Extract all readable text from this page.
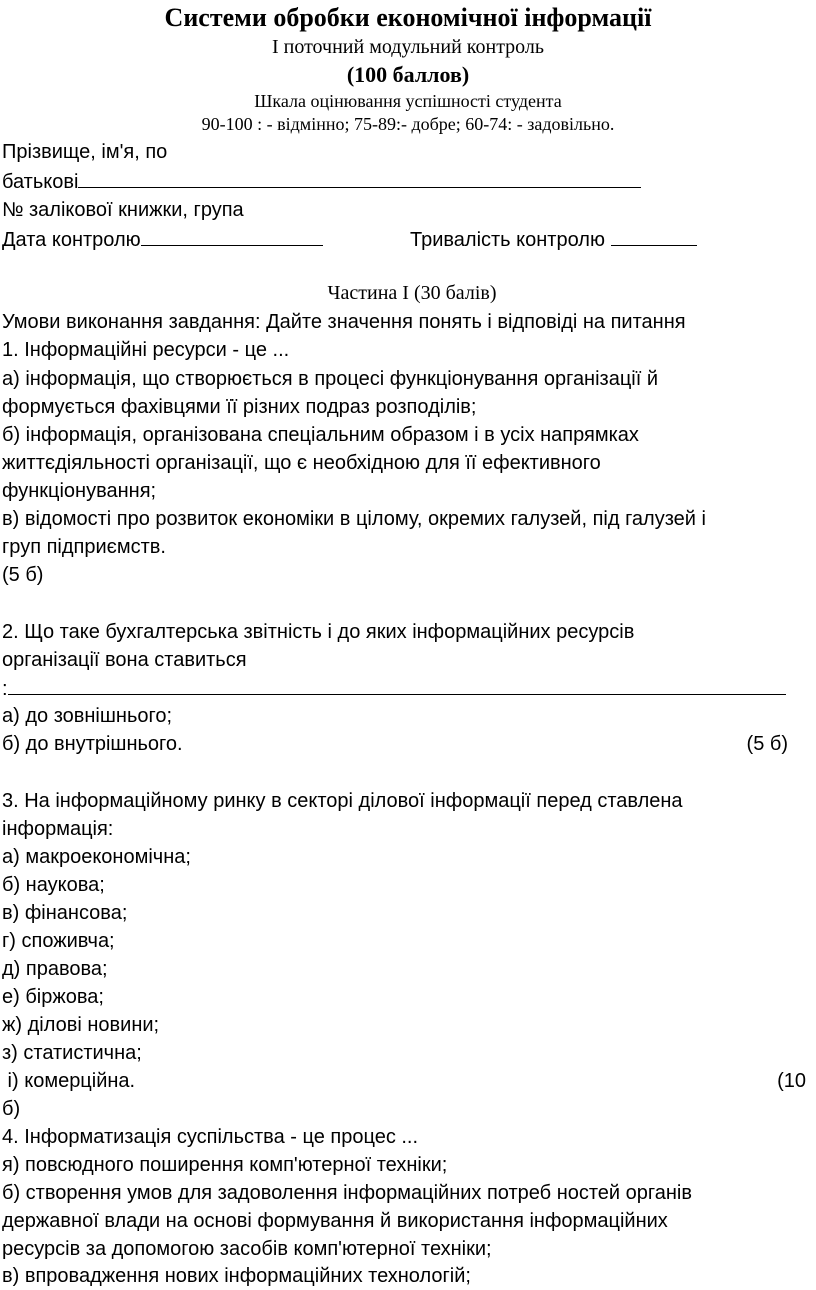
Системи обробки економічної інформації
І поточний модульний контроль
(100 баллов)
Шкала оцінювання успішності студента
90-100 : - відмінно; 75-89:- добре; 60-74: - задовільно.
Прізвище, ім'я, по
батькові
№ залікової книжки, група
Дата контролю	Тривалість контролю
Частина І (30 балів)
Умови виконання завдання: Дайте значення понять і відповіді на питання
1. Інформаційні ресурси - це ...
а) інформація, що створюється в процесі функціонування організації й
формується фахівцями її різних подраз розподілів;
б) інформація, організована спеціальним образом і в усіх напрямках
життєдіяльності організації, що є необхідною для її ефективного
функціонування;
в) відомості про розвиток економіки в цілому, окремих галузей, під галузей і
груп підприємств.
(5 б)
2. Що таке бухгалтерська звітність і до яких інформаційних ресурсів
організації вона ставиться
:
а) до зовнішнього;
б) до внутрішнього.	(5 б)
3. На інформаційному ринку в секторі ділової інформації перед ставлена
інформація:
а) макроекономічна;
б) наукова;
в) фінансова;
г) споживча;
д) правова;
е) біржова;
ж) ділові новини;
з) статистична;
і) комерційна.	(10
б)
4. Інформатизація суспільства - це процес ...
я) повсюдного поширення комп'ютерної техніки;
б) створення умов для задоволення інформаційних потреб ностей органів
державної влади на основі формування й використання інформаційних
ресурсів за допомогою засобів комп'ютерної техніки;
в) впровадження нових інформаційних технологій;
